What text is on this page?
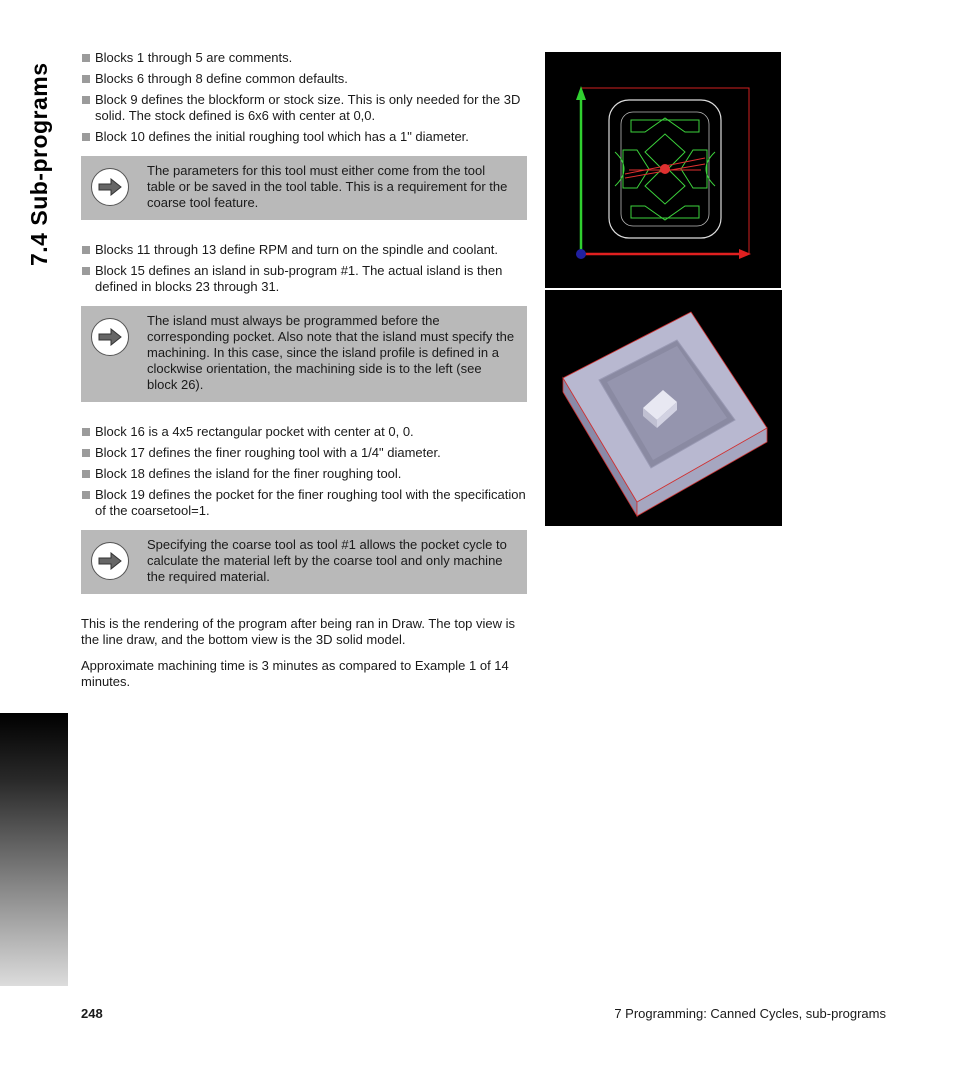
7.4 Sub-programs
Blocks 1 through 5 are comments.
Blocks 6 through 8 define common defaults.
Block 9 defines the blockform or stock size. This is only needed for the 3D solid. The stock defined is 6x6 with center at 0,0.
Block 10 defines the initial roughing tool which has a 1" diameter.
The parameters for this tool must either come from the tool table or be saved in the tool table. This is a requirement for the coarse tool feature.
Blocks 11 through 13 define RPM and turn on the spindle and coolant.
Block 15 defines an island in sub-program #1. The actual island is then defined in blocks 23 through 31.
The island must always be programmed before the corresponding pocket. Also note that the island must specify the machining. In this case, since the island profile is defined in a clockwise orientation, the machining side is to the left (see block 26).
Block 16 is a 4x5 rectangular pocket with center at 0, 0.
Block 17 defines the finer roughing tool with a 1/4" diameter.
Block 18 defines the island for the finer roughing tool.
Block 19 defines the pocket for the finer roughing tool with the specification of the coarsetool=1.
Specifying the coarse tool as tool #1 allows the pocket cycle to calculate the material left by the coarse tool and only machine the required material.

This is the rendering of the program after being ran in Draw. The top view is the line draw, and the bottom view is the 3D solid model.

Approximate machining time is 3 minutes as compared to Example 1 of 14 minutes.

248	7 Programming: Canned Cycles, sub-programs
